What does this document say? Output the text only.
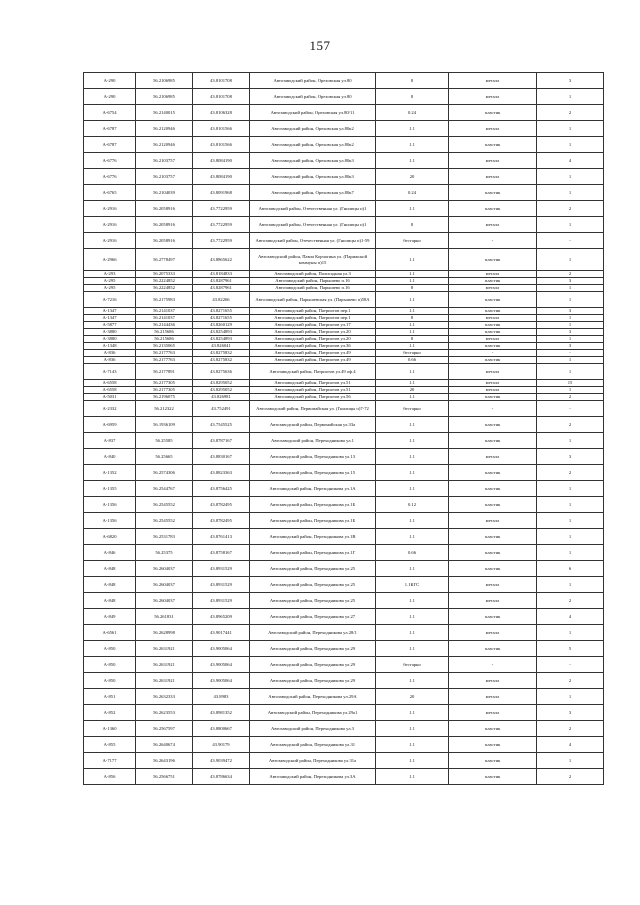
157
А-290	56.2106985	43.8101708	Автозаводский район, Ореховская ул.80	8	металл	3
А-290	56.2106985	43.8101708	Автозаводский район, Ореховская ул.80	8	металл	1
А-6754	56.2140015	43.8106328	Автозаводский район, Ореховская ул.80/11	0.24	пластик	2
А-6787	56.2120946	43.8101566	Автозаводский район, Ореховская ул.80к2	1.1	металл	1
А-6787	56.2120946	43.8101566	Автозаводский район, Ореховская ул.80к2	1.1	пластик	1
А-6776	56.2103757	43.8084190	Автозаводский район, Ореховская ул.80к3	1.1	металл	4
А-6776	56.2103757	43.8084190	Автозаводский район, Ореховская ул.80к3	20	металл	1
А-6765	56.2104039	43.8091968	Автозаводский район, Ореховская ул.80к7	0.24	пластик	1
А-2916	56.2058916	43.7722959	Автозаводский район, Отечественная ул. (Гнилицы п)1	1.1	пластик	2
А-2916	56.2058916	43.7722959	Автозаводский район, Отечественная ул. (Гнилицы п)1	8	металл	1
А-2916	56.2058916	43.7722959	Автозаводский район, Отечественная ул. (Гнилицы п)1-59	бестарно	-	-
А-2966	56.2778497	43.8865622	Автозаводский район, Павла Корчагина ул. (Парижской коммуны п)15	1.1	пластик	1
А-293	56.2075333	43.8184833	Автозаводский район, Палисадная ул.3	1.1	металл	2
А-295	56.2224852	43.8287961	Автозаводский район, Парышево п.16	1.1	пластик	3
А-295	56.2224852	43.8287961	Автозаводский район, Парышево п.16	8	металл	1
А-7216	56.2175983	43.82266	Автозаводский район, Парышевская ул. (Парышево п)58А	1.1	пластик	1
А-1347	56.2141037	43.8271655	Автозаводский район, Патриотов пер.1	1.1	пластик	3
А-1347	56.2141037	43.8271655	Автозаводский район, Патриотов пер.1	8	металл	1
А-5877	56.2144436	43.8260129	Автозаводский район, Патриотов ул.17	1.1	пластик	1
А-3880	56.215686	43.8254893	Автозаводский район, Патриотов ул.20	1.1	пластик	3
А-3880	56.215686	43.8254893	Автозаводский район, Патриотов ул.20	8	металл	1
А-1348	56.2135065	43.826041	Автозаводский район, Патриотов ул.36	1.1	пластик	3
А-836	56.2177763	43.8275832	Автозаводский район, Патриотов ул.49	бестарно	-	-
А-836	56.2177763	43.8275832	Автозаводский район, Патриотов ул.49	0.66	пластик	1
А-7143	56.2177891	43.8275636	Автозаводский район, Патриотов ул.49 оф.4	1.1	металл	1
А-6558	56.2177305	43.8295052	Автозаводский район, Патриотов ул.51	1.1	металл	15
А-6558	56.2177305	43.8295052	Автозаводский район, Патриотов ул.51	20	металл	1
А-5031	56.2196075	43.826981	Автозаводский район, Патриотов ул.56	1.1	пластик	2
А-2332	56.212322	43.752491	Автозаводский район, Первомайская ул. (Гнилицы п)7-72	бестарно	-	-
А-6959	56.1936109	43.7545525	Автозаводский район, Первомайская ул.33а	1.1	пластик	2
А-837	56.25585	43.8787167	Автозаводский район, Переходникова ул.1	1.1	пластик	1
А-840	56.25665	43.8830167	Автозаводский район, Переходникова ул.13	1.1	металл	3
А-1352	56.2574306	43.8823363	Автозаводский район, Переходникова ул.15	1.1	пластик	2
А-1355	56.2544767	43.8756425	Автозаводский район, Переходникова ул.1А	1.1	пластик	1
А-1356	56.2545552	43.8782495	Автозаводский район, Переходникова ул.1Б	0.12	пластик	1
А-1356	56.2545552	43.8782495	Автозаводский район, Переходникова ул.1Б	1.1	металл	1
А-6820	56.2531783	43.8761413	Автозаводский район, Переходникова ул.1В	1.1	пластик	1
А-846	56.25375	43.8758167	Автозаводский район, Переходникова ул.1Г	0.66	пластик	1
А-848	56.2604037	43.8931529	Автозаводский район, Переходникова ул.25	1.1	пластик	6
А-848	56.2604037	43.8931529	Автозаводский район, Переходникова ул.25	1.1КГС	металл	1
А-848	56.2604037	43.8931529	Автозаводский район, Переходникова ул.25	1.1	металл	2
А-849	56.261831	43.8965209	Автозаводский район, Переходникова ул.27	1.1	пластик	4
А-6561	56.2628998	43.9017441	Автозаводский район, Переходникова ул.28/1	1.1	металл	1
А-850	56.2631921	43.9005064	Автозаводский район, Переходникова ул.29	1.1	пластик	5
А-850	56.2631921	43.9005064	Автозаводский район, Переходникова ул.29	бестарно	-	-
А-850	56.2631921	43.9005064	Автозаводский район, Переходникова ул.29	1.1	металл	2
А-851	56.2632333	43.8983	Автозаводский район, Переходникова ул.29А	20	металл	1
А-852	56.2623553	43.8981352	Автозаводский район, Переходникова ул.29а1	1.1	металл	3
А-1360	56.2567597	43.8800667	Автозаводский район, Переходникова ул.3	1.1	пластик	2
А-855	56.2640674	43.90179	Автозаводский район, Переходникова ул.31	1.1	пластик	4
А-7177	56.2643196	43.9039472	Автозаводский район, Переходникова ул.31а	1.1	пластик	1
А-856	56.2566751	43.8786634	Автозаводский район, Переходникова ул.3А	1.1	пластик	2
